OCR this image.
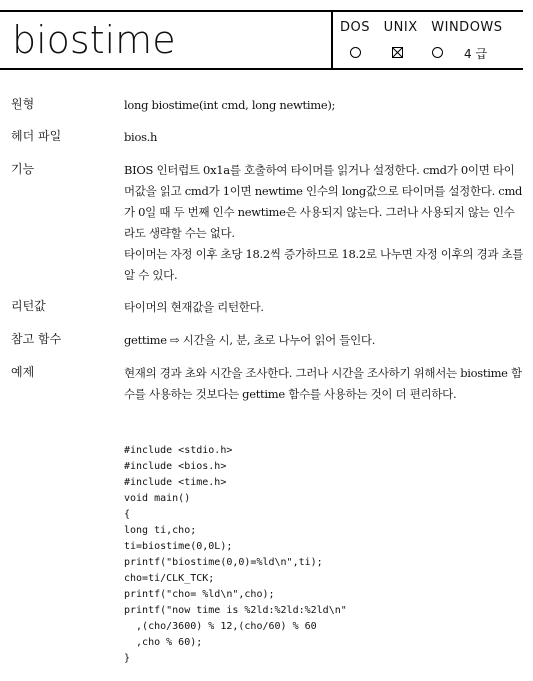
biostime	DOS UNIX WINDOWS
4 급
원형	long biostime(int cmd, long newtime);
헤더 파일	bios.h
기능	BIOS 인터럽트 0x1a를 호출하여 타이머를 읽거나 설정한다. cmd가 0이면 타이머값을 읽고 cmd가 1이면 newtime 인수의 long값으로 타이머를 설정한다. cmd가 0일 때 두 번째 인수 newtime은 사용되지 않는다. 그러나 사용되지 않는 인수라도 생략할 수는 없다.

타이머는 자정 이후 초당 18.2씩 증가하므로 18.2로 나누면 자정 이후의 경과 초를 알 수 있다.

리턴값	타이머의 현재값을 리턴한다.
참고 함수	gettime ⇨ 시간을 시, 분, 초로 나누어 읽어 들인다.
예제	현재의 경과 초와 시간을 조사한다. 그러나 시간을 조사하기 위해서는 biostime 함수를 사용하는 것보다는 gettime 함수를 사용하는 것이 더 편리하다.
#include <stdio.h>
#include <bios.h>
#include <time.h>
void main()
{
long ti,cho;
ti=biostime(0,0L);
printf("biostime(0,0)=%ld\n",ti);
cho=ti/CLK_TCK;
printf("cho= %ld\n",cho);
printf("now time is %2ld:%2ld:%2ld\n"
,(cho/3600) % 12,(cho/60) % 60
,cho % 60);
}
